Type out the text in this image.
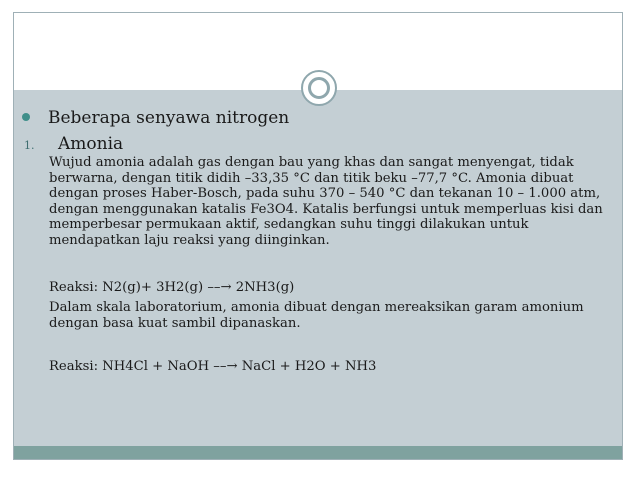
Beberapa senyawa nitrogen
1. Amonia
Wujud amonia adalah gas dengan bau yang khas dan sangat menyengat, tidak berwarna, dengan titik didih –33,35 °C dan titik beku –77,7 °C. Amonia dibuat dengan proses Haber-Bosch, pada suhu 370 – 540 °C dan tekanan 10 – 1.000 atm, dengan menggunakan katalis Fe3O4. Katalis berfungsi untuk memperluas kisi dan memperbesar permukaan aktif, sedangkan suhu tinggi dilakukan untuk mendapatkan laju reaksi yang diinginkan.
Reaksi: N2(g)+ 3H2(g) ––→ 2NH3(g)
Dalam skala laboratorium, amonia dibuat dengan mereaksikan garam amonium dengan basa kuat sambil dipanaskan.
Reaksi: NH4Cl + NaOH ––→ NaCl + H2O + NH3
